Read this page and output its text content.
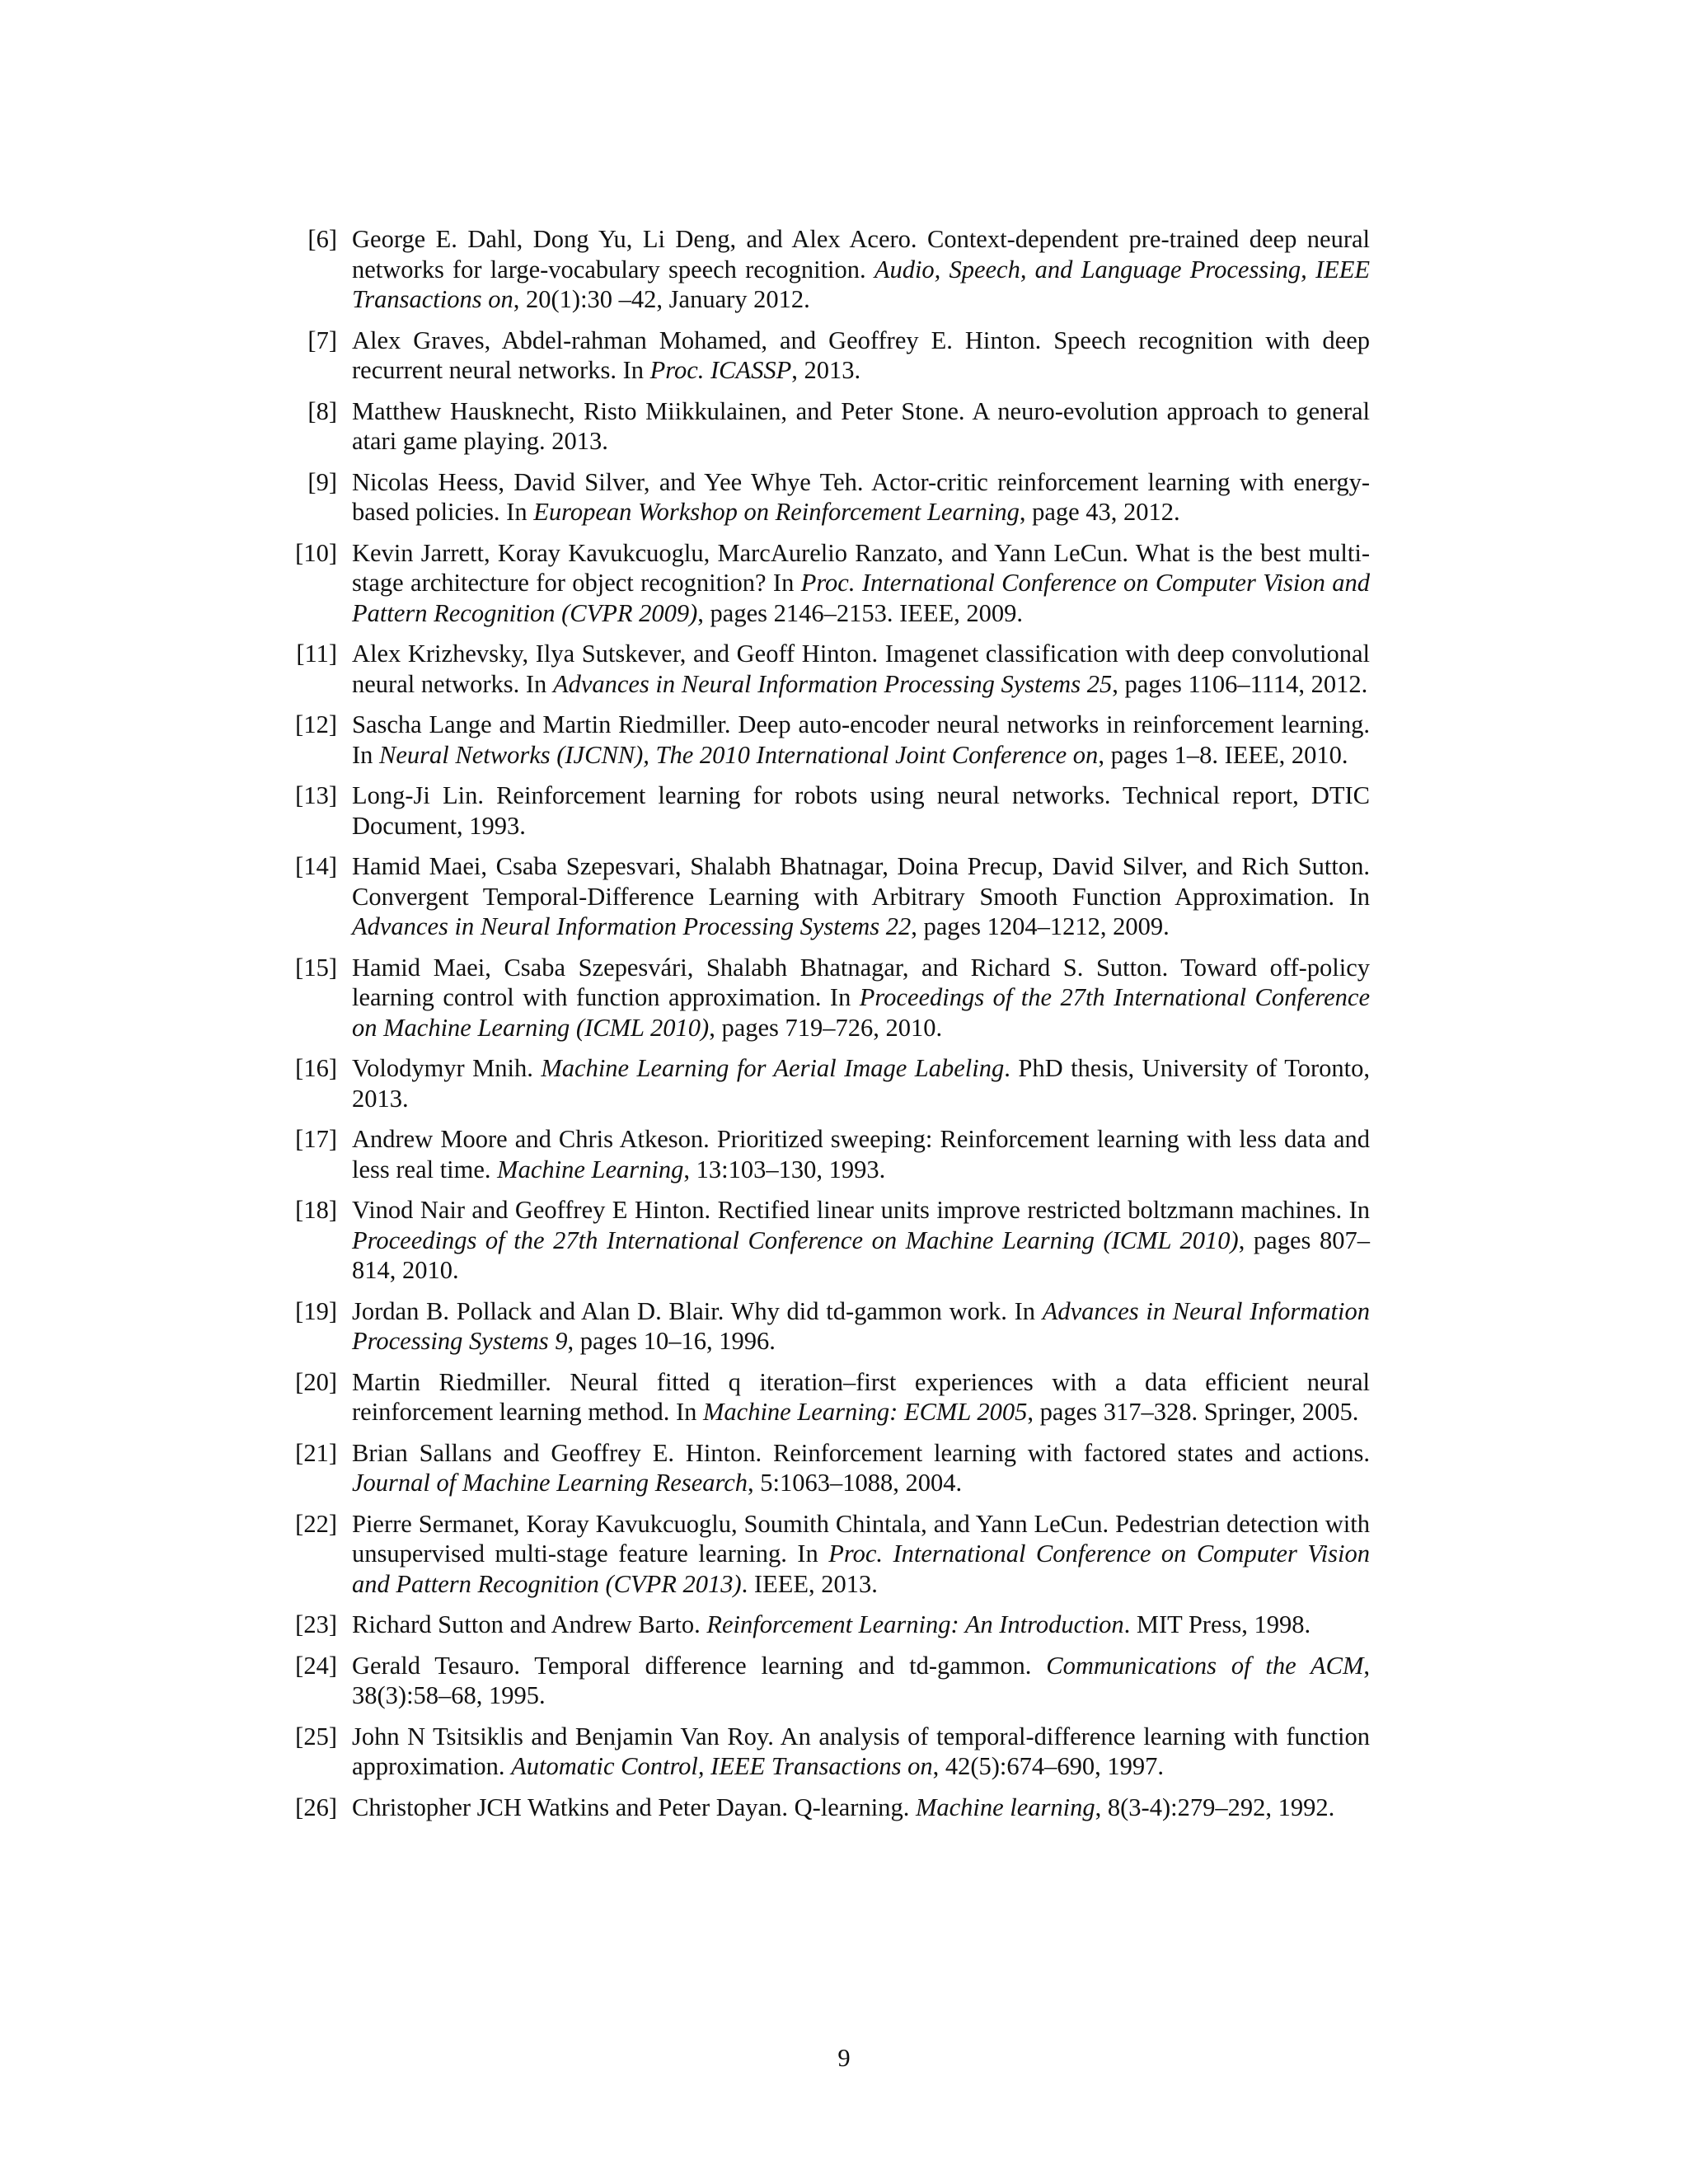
[6] George E. Dahl, Dong Yu, Li Deng, and Alex Acero. Context-dependent pre-trained deep neural networks for large-vocabulary speech recognition. Audio, Speech, and Language Processing, IEEE Transactions on, 20(1):30 –42, January 2012.
[7] Alex Graves, Abdel-rahman Mohamed, and Geoffrey E. Hinton. Speech recognition with deep recurrent neural networks. In Proc. ICASSP, 2013.
[8] Matthew Hausknecht, Risto Miikkulainen, and Peter Stone. A neuro-evolution approach to general atari game playing. 2013.
[9] Nicolas Heess, David Silver, and Yee Whye Teh. Actor-critic reinforcement learning with energy-based policies. In European Workshop on Reinforcement Learning, page 43, 2012.
[10] Kevin Jarrett, Koray Kavukcuoglu, MarcAurelio Ranzato, and Yann LeCun. What is the best multi-stage architecture for object recognition? In Proc. International Conference on Computer Vision and Pattern Recognition (CVPR 2009), pages 2146–2153. IEEE, 2009.
[11] Alex Krizhevsky, Ilya Sutskever, and Geoff Hinton. Imagenet classification with deep convolutional neural networks. In Advances in Neural Information Processing Systems 25, pages 1106–1114, 2012.
[12] Sascha Lange and Martin Riedmiller. Deep auto-encoder neural networks in reinforcement learning. In Neural Networks (IJCNN), The 2010 International Joint Conference on, pages 1–8. IEEE, 2010.
[13] Long-Ji Lin. Reinforcement learning for robots using neural networks. Technical report, DTIC Document, 1993.
[14] Hamid Maei, Csaba Szepesvari, Shalabh Bhatnagar, Doina Precup, David Silver, and Rich Sutton. Convergent Temporal-Difference Learning with Arbitrary Smooth Function Approximation. In Advances in Neural Information Processing Systems 22, pages 1204–1212, 2009.
[15] Hamid Maei, Csaba Szepesvári, Shalabh Bhatnagar, and Richard S. Sutton. Toward off-policy learning control with function approximation. In Proceedings of the 27th International Conference on Machine Learning (ICML 2010), pages 719–726, 2010.
[16] Volodymyr Mnih. Machine Learning for Aerial Image Labeling. PhD thesis, University of Toronto, 2013.
[17] Andrew Moore and Chris Atkeson. Prioritized sweeping: Reinforcement learning with less data and less real time. Machine Learning, 13:103–130, 1993.
[18] Vinod Nair and Geoffrey E Hinton. Rectified linear units improve restricted boltzmann machines. In Proceedings of the 27th International Conference on Machine Learning (ICML 2010), pages 807–814, 2010.
[19] Jordan B. Pollack and Alan D. Blair. Why did td-gammon work. In Advances in Neural Information Processing Systems 9, pages 10–16, 1996.
[20] Martin Riedmiller. Neural fitted q iteration–first experiences with a data efficient neural reinforcement learning method. In Machine Learning: ECML 2005, pages 317–328. Springer, 2005.
[21] Brian Sallans and Geoffrey E. Hinton. Reinforcement learning with factored states and actions. Journal of Machine Learning Research, 5:1063–1088, 2004.
[22] Pierre Sermanet, Koray Kavukcuoglu, Soumith Chintala, and Yann LeCun. Pedestrian detection with unsupervised multi-stage feature learning. In Proc. International Conference on Computer Vision and Pattern Recognition (CVPR 2013). IEEE, 2013.
[23] Richard Sutton and Andrew Barto. Reinforcement Learning: An Introduction. MIT Press, 1998.
[24] Gerald Tesauro. Temporal difference learning and td-gammon. Communications of the ACM, 38(3):58–68, 1995.
[25] John N Tsitsiklis and Benjamin Van Roy. An analysis of temporal-difference learning with function approximation. Automatic Control, IEEE Transactions on, 42(5):674–690, 1997.
[26] Christopher JCH Watkins and Peter Dayan. Q-learning. Machine learning, 8(3-4):279–292, 1992.
9
